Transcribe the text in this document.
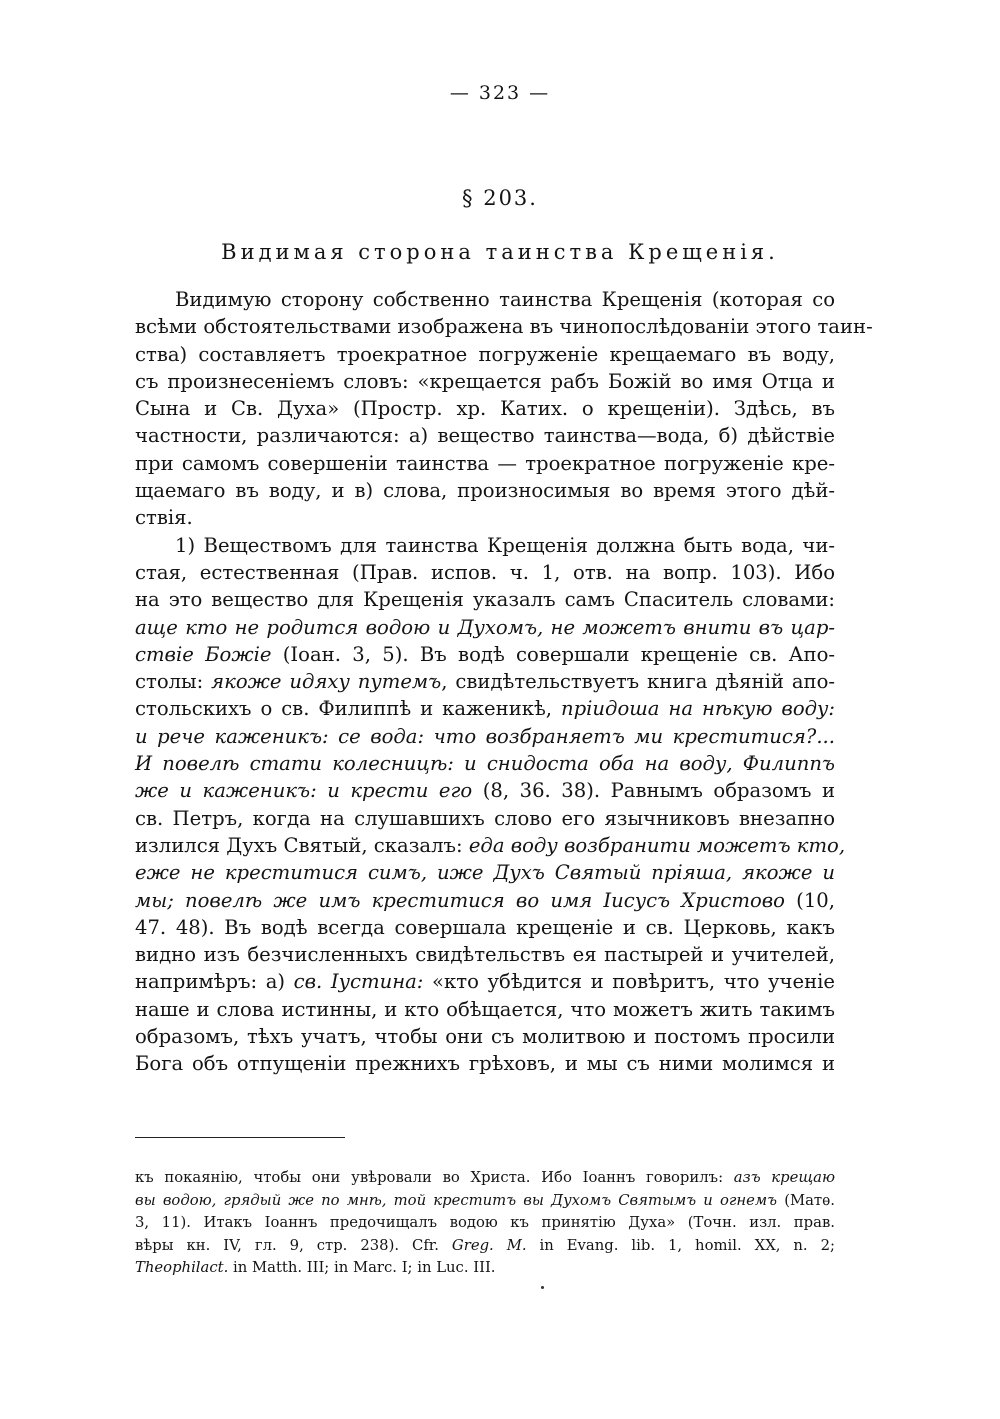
— 323 —
§ 203.
Видимая сторона таинства Крещенія.
Видимую сторону собственно таинства Крещенія (которая со
всѣми обстоятельствами изображена въ чинопослѣдованіи этого таин-
ства) составляетъ троекратное погруженіе крещаемаго въ воду,
съ произнесеніемъ словъ: «крещается рабъ Божій во имя Отца и
Сына и Св. Духа» (Простр. хр. Катих. о крещеніи). Здѣсь, въ
частности, различаются: а) вещество таинства—вода, б) дѣйствіе
при самомъ совершеніи таинства — троекратное погруженіе кре-
щаемаго въ воду, и в) слова, произносимыя во время этого дѣй-
ствія.
1) Веществомъ для таинства Крещенія должна быть вода, чи-
стая, естественная (Прав. испов. ч. 1, отв. на вопр. 103). Ибо
на это вещество для Крещенія указалъ самъ Спаситель словами:
аще кто не родится водою и Духомъ, не можетъ внити въ цар-
ствіе Божіе (Іоан. 3, 5). Въ водѣ совершали крещеніе св. Апо-
столы: якоже идяху путемъ, свидѣтельствуетъ книга дѣяній апо-
стольскихъ о св. Филиппѣ и каженикѣ, пріидоша на нѣкую воду:
и рече каженикъ: се вода: что возбраняетъ ми креститися?...
И повелѣ стати колесницѣ: и снидоста оба на воду, Филиппъ
же и каженикъ: и крести его (8, 36. 38). Равнымъ образомъ и
св. Петръ, когда на слушавшихъ слово его язычниковъ внезапно
излился Духъ Святый, сказалъ: еда воду возбранити можетъ кто,
еже не креститися симъ, иже Духъ Святый пріяша, якоже и
мы; повелѣ же имъ креститися во имя Іисусъ Христово (10,
47. 48). Въ водѣ всегда совершала крещеніе и св. Церковь, какъ
видно изъ безчисленныхъ свидѣтельствъ ея пастырей и учителей,
напримѣръ: а) св. Іустина: «кто убѣдится и повѣритъ, что ученіе
наше и слова истинны, и кто обѣщается, что можетъ жить такимъ
образомъ, тѣхъ учатъ, чтобы они съ молитвою и постомъ просили
Бога объ отпущеніи прежнихъ грѣховъ, и мы съ ними молимся и
къ покаянію, чтобы они увѣровали во Христа. Ибо Іоаннъ говорилъ: азъ крещаю
вы водою, грядый же по мнѣ, той креститъ вы Духомъ Святымъ и огнемъ (Матѳ.
3, 11). Итакъ Іоаннъ предочищалъ водою къ принятію Духа» (Точн. изл. прав.
вѣры кн. IV, гл. 9, стр. 238). Cfr. Greg. M. in Evang. lib. 1, homil. XX, n. 2;
Theophilact. in Matth. III; in Marc. I; in Luc. III.
